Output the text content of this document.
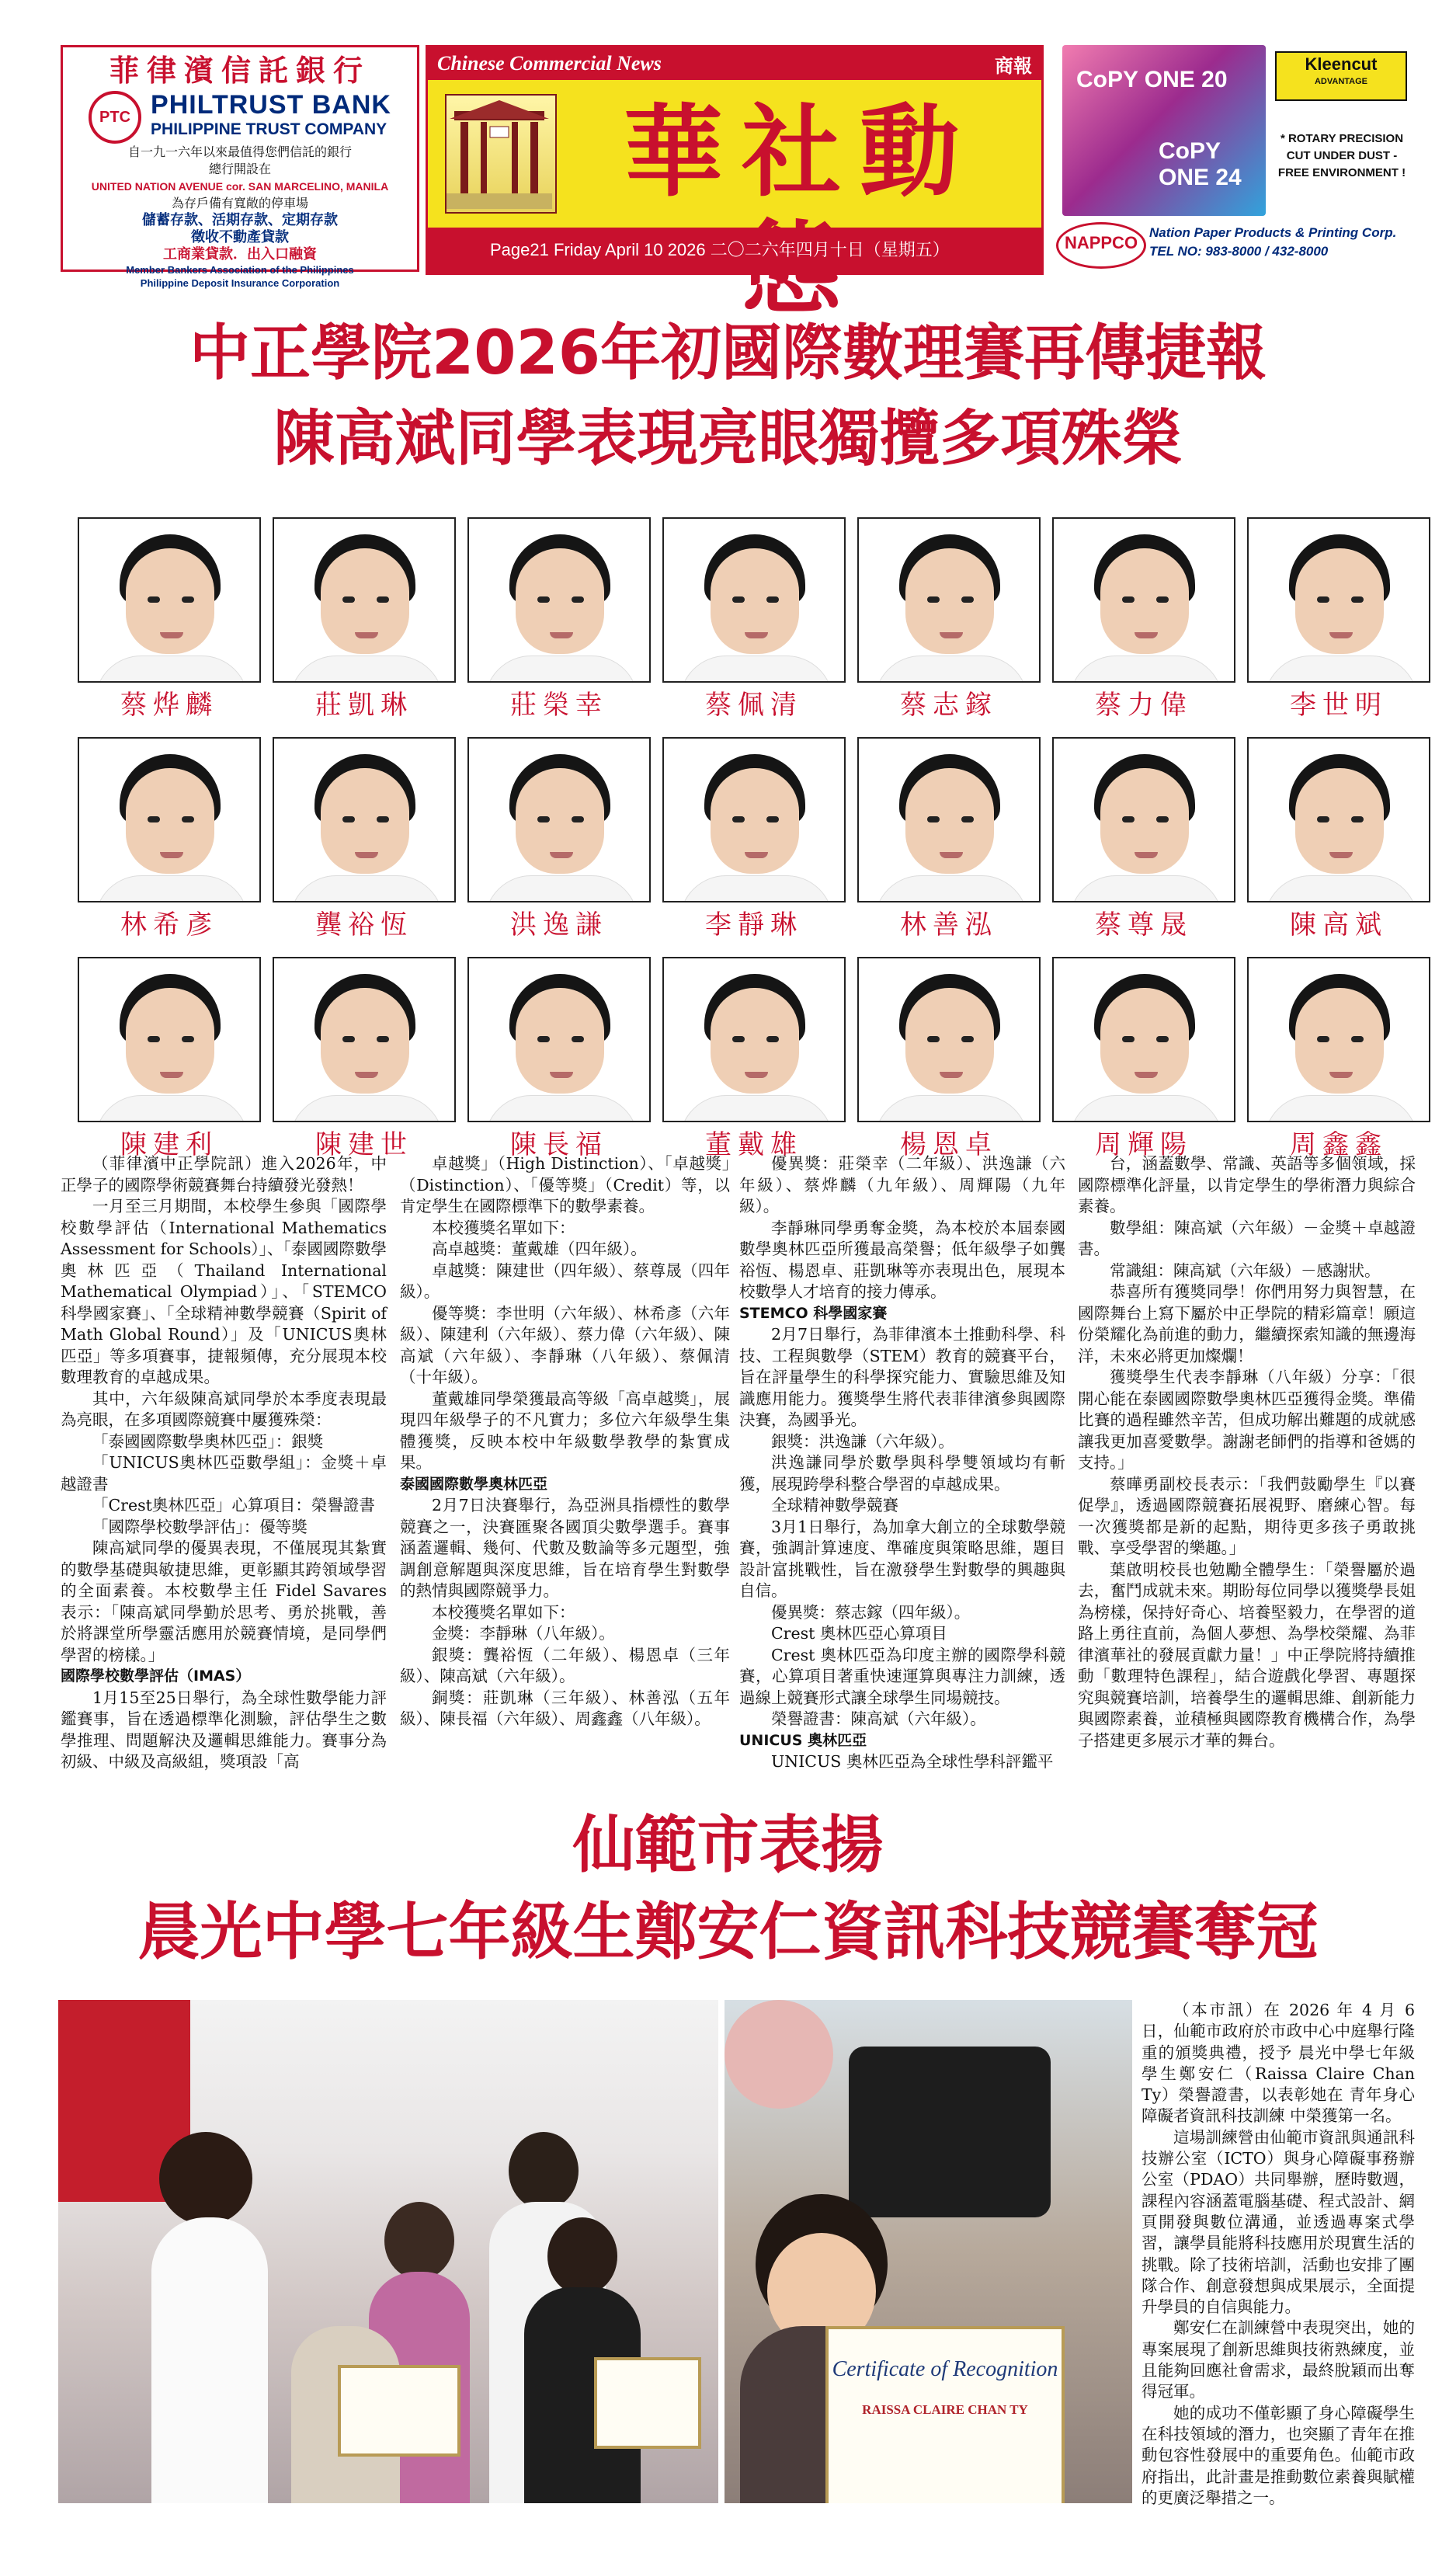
菲律濱信託銀行
PTC PHILTRUST BANK
PHILIPPINE TRUST COMPANY
自一九一六年以來最值得您們信託的銀行
總行開設在
UNITED NATION AVENUE cor. SAN MARCELINO, MANILA
為存戶備有寬敞的停車場
儲蓄存款、活期存款、定期存款
徵收不動產貸款
工商業貸款．出入口融資
Member Bankers Association of the Philippines
Philippine Deposit Insurance Corporation
Chinese Commercial News	商報
華社動
Page21 Friday April 10 2026 二〇二六年四月十日（星期五）
CoPY ONE 20
CoPY ONE 24
Kleencut
ADVANTAGE
* ROTARY PRECISION CUT UNDER DUST - FREE ENVIRONMENT !
NAPPCO
Nation Paper Products & Printing Corp.
TEL NO: 983-8000 / 432-8000
中正學院2026年初國際數理賽再傳捷報
陳高斌同學表現亮眼獨攬多項殊榮
蔡烨麟	莊凱琳	莊榮幸	蔡佩清	蔡志鎵	蔡力偉	李世明
林希彥	龔裕恆	洪逸謙	李靜琳	林善泓	蔡尊晟	陳高斌
陳建利	陳建世	陳長福	董戴雄	楊恩卓	周輝陽	周鑫鑫

（菲律濱中正學院訊）進入2026年，中正學子的國際學術競賽舞台持續發光發熱！

一月至三月期間，本校學生參與「國際學校數學評估（International Mathematics Assessment for Schools）」、「泰國國際數學奧林匹亞（Thailand International Mathematical Olympiad）」、「STEMCO 科學國家賽」、「全球精神數學競賽（Spirit of Math Global Round）」及「UNICUS奧林匹亞」等多項賽事，捷報頻傳，充分展現本校數理教育的卓越成果。

其中，六年級陳高斌同學於本季度表現最為亮眼，在多項國際競賽中屢獲殊榮：

「泰國國際數學奧林匹亞」：銀獎

「UNICUS奧林匹亞數學組」：金獎＋卓越證書

「Crest奧林匹亞」心算項目：榮譽證書

「國際學校數學評估」：優等獎

陳高斌同學的優異表現，不僅展現其紮實的數學基礎與敏捷思維，更彰顯其跨領域學習的全面素養。本校數學主任 Fidel Savares 表示：「陳高斌同學勤於思考、勇於挑戰，善於將課堂所學靈活應用於競賽情境，是同學們學習的榜樣。」

國際學校數學評估（IMAS）

1月15至25日舉行，為全球性數學能力評鑑賽事，旨在透過標準化測驗，評估學生之數學推理、問題解決及邏輯思維能力。賽事分為初級、中級及高級組，獎項設「高

卓越獎」（High Distinction）、「卓越獎」（Distinction）、「優等獎」（Credit）等，以肯定學生在國際標準下的數學素養。

本校獲獎名單如下：

高卓越獎：董戴雄（四年級）。

卓越獎：陳建世（四年級）、蔡尊晟（四年級）。

優等獎：李世明（六年級）、林希彥（六年級）、陳建利（六年級）、蔡力偉（六年級）、陳高斌（六年級）、李靜琳（八年級）、蔡佩清（十年級）。

董戴雄同學榮獲最高等級「高卓越獎」，展現四年級學子的不凡實力；多位六年級學生集體獲獎，反映本校中年級數學教學的紮實成果。

泰國國際數學奧林匹亞

2月7日決賽舉行，為亞洲具指標性的數學競賽之一，決賽匯聚各國頂尖數學選手。賽事涵蓋邏輯、幾何、代數及數論等多元題型，強調創意解題與深度思維，旨在培育學生對數學的熱情與國際競爭力。

本校獲獎名單如下：

金獎：李靜琳（八年級）。

銀獎：龔裕恆（二年級）、楊恩卓（三年級）、陳高斌（六年級）。

銅獎：莊凱琳（三年級）、林善泓（五年級）、陳長福（六年級）、周鑫鑫（八年級）。

優異獎：莊榮幸（二年級）、洪逸謙（六年級）、蔡烨麟（九年級）、周輝陽（九年級）。

李靜琳同學勇奪金獎，為本校於本屆泰國數學奧林匹亞所獲最高榮譽；低年級學子如龔裕恆、楊恩卓、莊凱琳等亦表現出色，展現本校數學人才培育的接力傳承。

STEMCO 科學國家賽

2月7日舉行，為菲律濱本土推動科學、科技、工程與數學（STEM）教育的競賽平台，旨在評量學生的科學探究能力、實驗思維及知識應用能力。獲獎學生將代表菲律濱參與國際決賽，為國爭光。

銀獎：洪逸謙（六年級）。

洪逸謙同學於數學與科學雙領域均有斬獲，展現跨學科整合學習的卓越成果。

全球精神數學競賽

3月1日舉行，為加拿大創立的全球數學競賽，強調計算速度、準確度與策略思維，題目設計富挑戰性，旨在激發學生對數學的興趣與自信。

優異獎：蔡志鎵（四年級）。

Crest 奧林匹亞心算項目

Crest 奧林匹亞為印度主辦的國際學科競賽，心算項目著重快速運算與專注力訓練，透過線上競賽形式讓全球學生同場競技。

榮譽證書：陳高斌（六年級）。

UNICUS 奧林匹亞

UNICUS 奧林匹亞為全球性學科評鑑平

台，涵蓋數學、常識、英語等多個領域，採國際標準化評量，以肯定學生的學術潛力與綜合素養。

數學組：陳高斌（六年級）－金獎＋卓越證書。

常識組：陳高斌（六年級）－感謝狀。

恭喜所有獲獎同學！你們用努力與智慧，在國際舞台上寫下屬於中正學院的精彩篇章！願這份榮耀化為前進的動力，繼續探索知識的無邊海洋，未來必將更加燦爛！

獲獎學生代表李靜琳（八年級）分享：「很開心能在泰國國際數學奧林匹亞獲得金獎。準備比賽的過程雖然辛苦，但成功解出難題的成就感讓我更加喜愛數學。謝謝老師們的指導和爸媽的支持。」

蔡曄勇副校長表示：「我們鼓勵學生『以賽促學』，透過國際競賽拓展視野、磨練心智。每一次獲獎都是新的起點，期待更多孩子勇敢挑戰、享受學習的樂趣。」

葉啟明校長也勉勵全體學生：「榮譽屬於過去，奮鬥成就未來。期盼每位同學以獲獎學長姐為榜樣，保持好奇心、培養堅毅力，在學習的道路上勇往直前，為個人夢想、為學校榮耀、為菲律濱華社的發展貢獻力量！」中正學院將持續推動「數理特色課程」，結合遊戲化學習、專題探究與競賽培訓，培養學生的邏輯思維、創新能力與國際素養，並積極與國際教育機構合作，為學子搭建更多展示才華的舞台。

仙範市表揚
晨光中學七年級生鄭安仁資訊科技競賽奪冠
Certificate of Recognition
RAISSA CLAIRE CHAN TY

（本市訊）在 2026 年 4 月 6 日，仙範市政府於市政中心中庭舉行隆重的頒獎典禮，授予 晨光中學七年級學生鄭安仁（Raissa Claire Chan Ty）榮譽證書，以表彰她在 青年身心障礙者資訊科技訓練 中榮獲第一名。

這場訓練營由仙範市資訊與通訊科技辦公室（ICTO）與身心障礙事務辦公室（PDAO）共同舉辦，歷時數週，課程內容涵蓋電腦基礎、程式設計、網頁開發與數位溝通，並透過專案式學習，讓學員能將科技應用於現實生活的挑戰。除了技術培訓，活動也安排了團隊合作、創意發想與成果展示，全面提升學員的自信與能力。

鄭安仁在訓練營中表現突出，她的專案展現了創新思維與技術熟練度，並且能夠回應社會需求，最終脫穎而出奪得冠軍。

她的成功不僅彰顯了身心障礙學生在科技領域的潛力，也突顯了青年在推動包容性發展中的重要角色。仙範市政府指出，此計畫是推動數位素養與賦權的更廣泛舉措之一。
